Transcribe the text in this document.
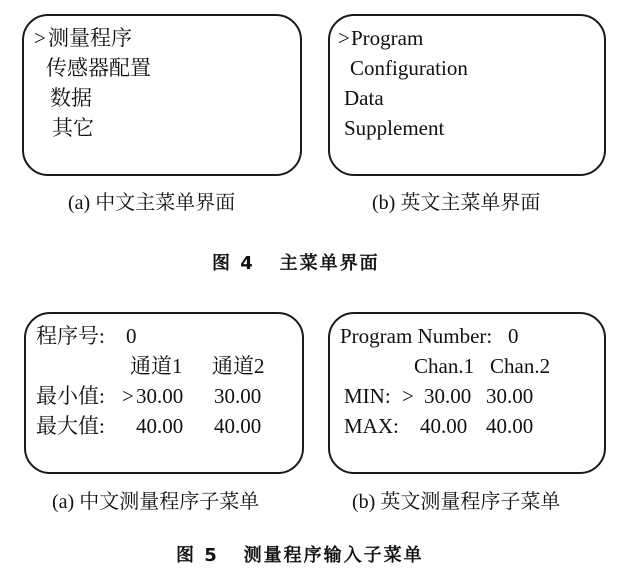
> 测量程序
传感器配置
数据
其它
> Program
Configuration
Data
Supplement
(a) 中文主菜单界面	(b) 英文主菜单界面
图 4   主菜单界面
程序号: 0
通道1 通道2
最小值: > 30.00 30.00
最大值: 40.00 40.00
Program Number: 0
Chan.1 Chan.2
MIN: > 30.00 30.00
MAX: 40.00 40.00
(a) 中文测量程序子菜单	(b) 英文测量程序子菜单
图 5   测量程序输入子菜单
